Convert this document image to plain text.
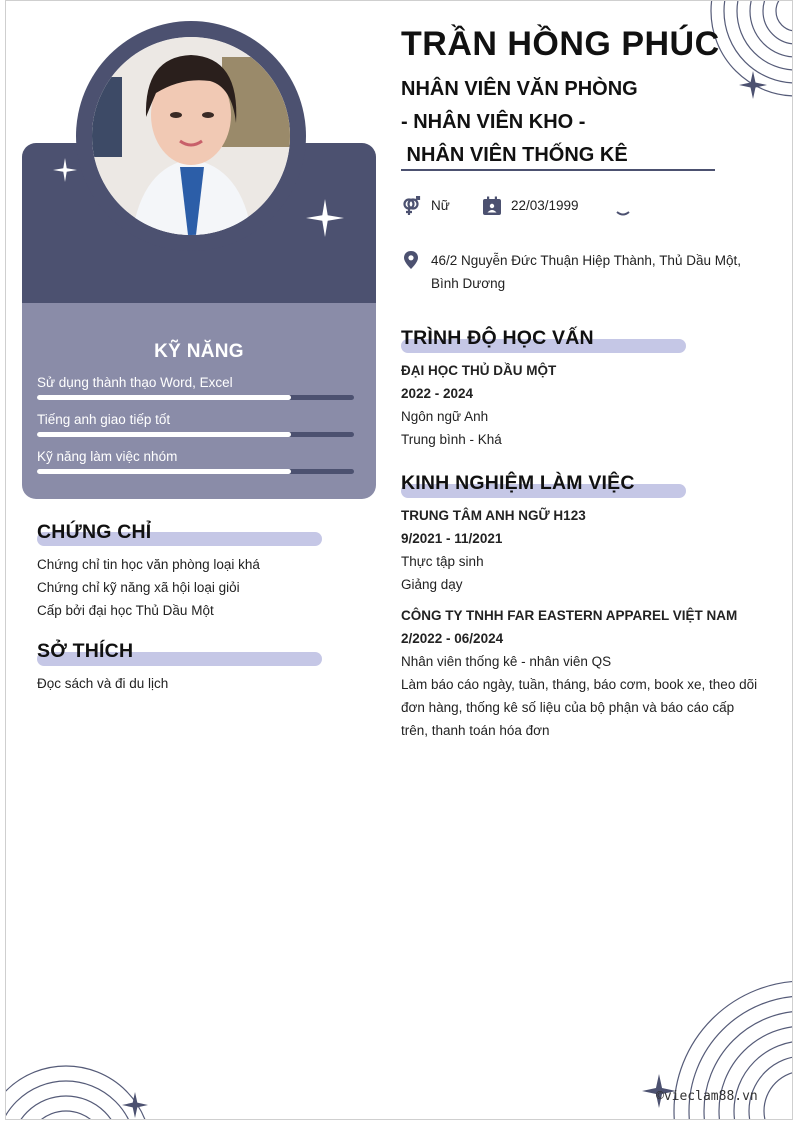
KỸ NĂNG
Sử dụng thành thạo Word, Excel
Tiếng anh giao tiếp tốt
Kỹ năng làm việc nhóm
CHỨNG CHỈ
Chứng chỉ tin học văn phòng loại khá
Chứng chỉ kỹ năng xã hội loại giỏi
Cấp bởi đại học Thủ Dầu Một
SỞ THÍCH
Đọc sách và đi du lịch
TRẦN HỒNG PHÚC
NHÂN VIÊN VĂN PHÒNG
- NHÂN VIÊN KHO -
NHÂN VIÊN THỐNG KÊ
Nữ	22/03/1999
46/2 Nguyễn Đức Thuận Hiệp Thành, Thủ Dầu Một,
Bình Dương
TRÌNH ĐỘ HỌC VẤN
ĐẠI HỌC THỦ DẦU MỘT
2022 - 2024
Ngôn ngữ Anh
Trung bình - Khá
KINH NGHIỆM LÀM VIỆC
TRUNG TÂM ANH NGỮ H123
9/2021 - 11/2021
Thực tập sinh
Giảng dạy
CÔNG TY TNHH FAR EASTERN APPAREL VIỆT NAM
2/2022 - 06/2024
Nhân viên thống kê - nhân viên QS
Làm báo cáo ngày, tuần, tháng, báo cơm, book xe, theo dõi
đơn hàng, thống kê số liệu của bộ phận và báo cáo cấp
trên, thanh toán hóa đơn
©vieclam88.vn
